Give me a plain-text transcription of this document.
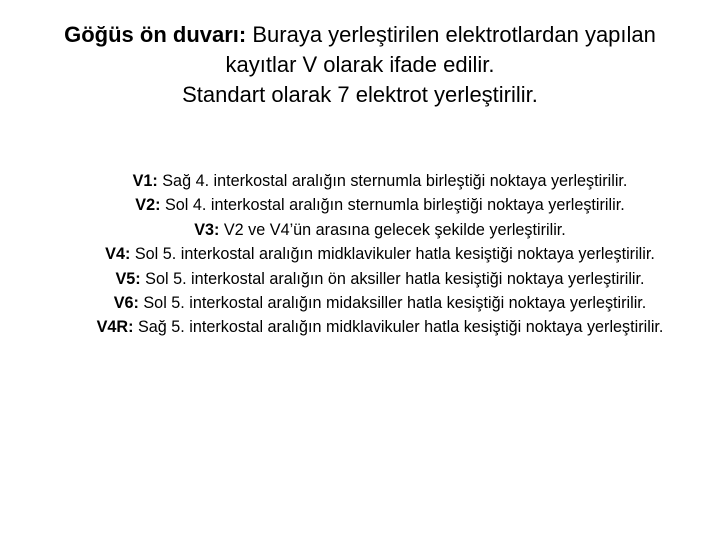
Göğüs ön duvarı: Buraya yerleştirilen elektrotlardan yapılan
kayıtlar V olarak ifade edilir.
Standart olarak 7 elektrot yerleştirilir.
V1: Sağ 4. interkostal aralığın sternumla birleştiği noktaya yerleştirilir.
V2: Sol 4. interkostal aralığın sternumla birleştiği noktaya yerleştirilir.
V3: V2 ve V4’ün arasına gelecek şekilde yerleştirilir.
V4: Sol 5. interkostal aralığın midklavikuler hatla kesiştiği noktaya yerleştirilir.
V5: Sol 5. interkostal aralığın ön aksiller hatla kesiştiği noktaya yerleştirilir.
V6: Sol 5. interkostal aralığın midaksiller hatla kesiştiği noktaya yerleştirilir.
V4R: Sağ 5. interkostal aralığın midklavikuler hatla kesiştiği noktaya yerleştirilir.
